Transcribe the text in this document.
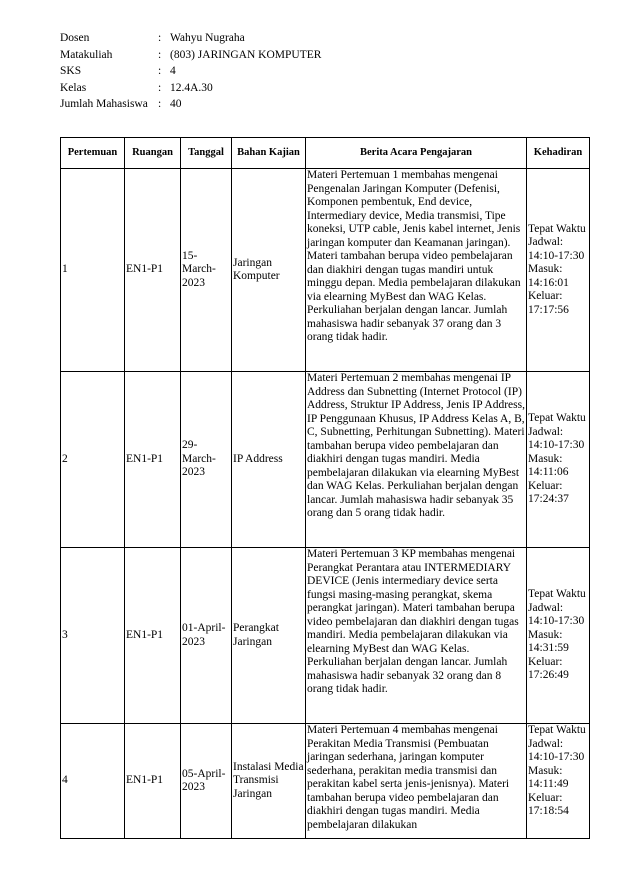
Dosen	: Wahyu Nugraha
Matakuliah	: (803) JARINGAN KOMPUTER
SKS	: 4
Kelas	: 12.4A.30
Jumlah Mahasiswa : 40
Pertemuan	Ruangan	Tanggal	Bahan Kajian	Berita Acara Pengajaran	Kehadiran
1	EN1-P1	15-March-2023	Jaringan Komputer	Materi Pertemuan 1 membahas mengenai Pengenalan Jaringan Komputer (Defenisi, Komponen pembentuk, End device, Intermediary device, Media transmisi, Tipe koneksi, UTP cable, Jenis kabel internet, Jenis jaringan komputer dan Keamanan jaringan). Materi tambahan berupa video pembelajaran dan diakhiri dengan tugas mandiri untuk minggu depan. Media pembelajaran dilakukan via elearning MyBest dan WAG Kelas. Perkuliahan berjalan dengan lancar. Jumlah mahasiswa hadir sebanyak 37 orang dan 3 orang tidak hadir.	Tepat Waktu Jadwal: 14:10-17:30 Masuk: 14:16:01 Keluar: 17:17:56
2	EN1-P1	29-March-2023	IP Address	Materi Pertemuan 2 membahas mengenai IP Address dan Subnetting (Internet Protocol (IP) Address, Struktur IP Address, Jenis IP Address, IP Penggunaan Khusus, IP Address Kelas A, B, C, Subnetting, Perhitungan Subnetting). Materi tambahan berupa video pembelajaran dan diakhiri dengan tugas mandiri. Media pembelajaran dilakukan via elearning MyBest dan WAG Kelas. Perkuliahan berjalan dengan lancar. Jumlah mahasiswa hadir sebanyak 35 orang dan 5 orang tidak hadir.	Tepat Waktu Jadwal: 14:10-17:30 Masuk: 14:11:06 Keluar: 17:24:37
3	EN1-P1	01-April-2023	Perangkat Jaringan	Materi Pertemuan 3 KP membahas mengenai Perangkat Perantara atau INTERMEDIARY DEVICE (Jenis intermediary device serta fungsi masing-masing perangkat, skema perangkat jaringan). Materi tambahan berupa video pembelajaran dan diakhiri dengan tugas mandiri. Media pembelajaran dilakukan via elearning MyBest dan WAG Kelas. Perkuliahan berjalan dengan lancar. Jumlah mahasiswa hadir sebanyak 32 orang dan 8 orang tidak hadir.	Tepat Waktu Jadwal: 14:10-17:30 Masuk: 14:31:59 Keluar: 17:26:49
4	EN1-P1	05-April-2023	Instalasi Media Transmisi Jaringan	Materi Pertemuan 4 membahas mengenai Perakitan Media Transmisi (Pembuatan jaringan sederhana, jaringan komputer sederhana, perakitan media transmisi dan perakitan kabel serta jenis-jenisnya). Materi tambahan berupa video pembelajaran dan diakhiri dengan tugas mandiri. Media pembelajaran dilakukan	Tepat Waktu Jadwal: 14:10-17:30 Masuk: 14:11:49 Keluar: 17:18:54
